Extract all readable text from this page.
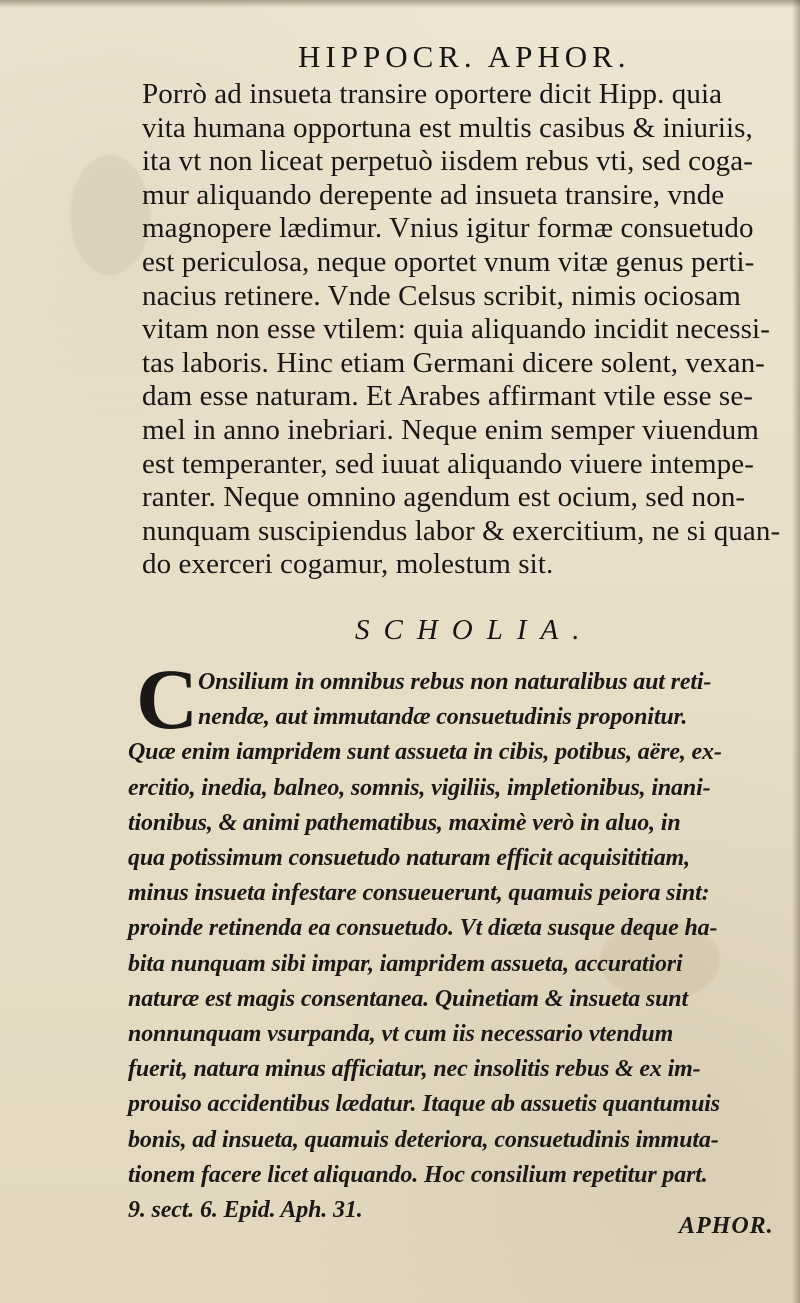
HIPPOCR. APHOR.
Porrò ad insueta transire oportere dicit Hipp. quia
vita humana opportuna est multis casibus & iniuriis,
ita vt non liceat perpetuò iisdem rebus vti, sed coga-
mur aliquando derepente ad insueta transire, vnde
magnopere lædimur. Vnius igitur formæ consuetudo
est periculosa, neque oportet vnum vitæ genus perti-
nacius retinere. Vnde Celsus scribit, nimis ociosam
vitam non esse vtilem: quia aliquando incidit necessi-
tas laboris. Hinc etiam Germani dicere solent, vexan-
dam esse naturam. Et Arabes affirmant vtile esse se-
mel in anno inebriari. Neque enim semper viuendum
est temperanter, sed iuuat aliquando viuere intempe-
ranter. Neque omnino agendum est ocium, sed non-
nunquam suscipiendus labor & exercitium, ne si quan-
do exerceri cogamur, molestum sit.
SCHOLIA.
C Onsilium in omnibus rebus non naturalibus aut reti-
nendæ, aut immutandæ consuetudinis proponitur.
Quæ enim iampridem sunt assueta in cibis, potibus, aëre, ex-
ercitio, inedia, balneo, somnis, vigiliis, impletionibus, inani-
tionibus, & animi pathematibus, maximè verò in aluo, in
qua potissimum consuetudo naturam efficit acquisititiam,
minus insueta infestare consueuerunt, quamuis peiora sint:
proinde retinenda ea consuetudo. Vt diæta susque deque ha-
bita nunquam sibi impar, iampridem assueta, accuratiori
naturæ est magis consentanea. Quinetiam & insueta sunt
nonnunquam vsurpanda, vt cum iis necessario vtendum
fuerit, natura minus afficiatur, nec insolitis rebus & ex im-
prouiso accidentibus lædatur. Itaque ab assuetis quantumuis
bonis, ad insueta, quamuis deteriora, consuetudinis immuta-
tionem facere licet aliquando. Hoc consilium repetitur part.
9. sect. 6. Epid. Aph. 31.
APHOR.
